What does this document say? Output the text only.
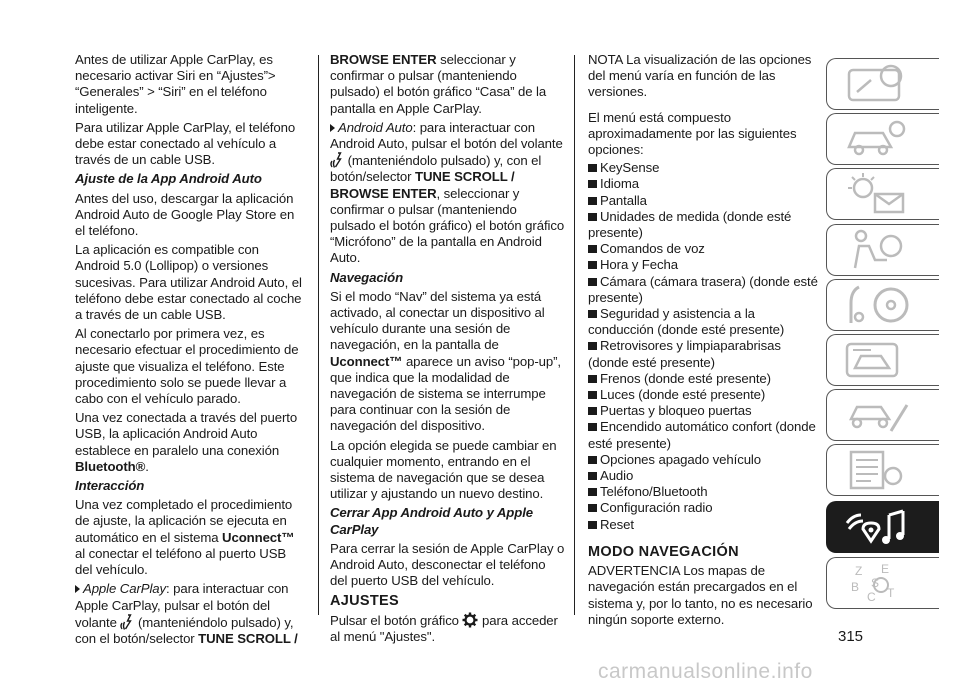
Antes de utilizar Apple CarPlay, es necesario activar Siri en “Ajustes”> “Generales” > “Siri” en el teléfono inteligente.

Para utilizar Apple CarPlay, el teléfono debe estar conectado al vehículo a través de un cable USB.

Ajuste de la App Android Auto

Antes del uso, descargar la aplicación Android Auto de Google Play Store en el teléfono.

La aplicación es compatible con Android 5.0 (Lollipop) o versiones sucesivas. Para utilizar Android Auto, el teléfono debe estar conectado al coche a través de un cable USB.

Al conectarlo por primera vez, es necesario efectuar el procedimiento de ajuste que visualiza el teléfono. Este procedimiento solo se puede llevar a cabo con el vehículo parado.

Una vez conectada a través del puerto USB, la aplicación Android Auto establece en paralelo una conexión Bluetooth®.

Interacción

Una vez completado el procedimiento de ajuste, la aplicación se ejecuta en automático en el sistema Uconnect™ al conectar el teléfono al puerto USB del vehículo.

Apple CarPlay: para interactuar con Apple CarPlay, pulsar el botón del volante  (manteniéndolo pulsado) y, con el botón/selector TUNE SCROLL /

BROWSE ENTER seleccionar y confirmar o pulsar (manteniendo pulsado) el botón gráfico “Casa” de la pantalla en Apple CarPlay.

Android Auto: para interactuar con Android Auto, pulsar el botón del volante  (manteniéndolo pulsado) y, con el botón/selector TUNE SCROLL / BROWSE ENTER, seleccionar y confirmar o pulsar (manteniendo pulsado el botón gráfico) el botón gráfico “Micrófono” de la pantalla en Android Auto.

Navegación

Si el modo “Nav” del sistema ya está activado, al conectar un dispositivo al vehículo durante una sesión de navegación, en la pantalla de Uconnect™ aparece un aviso “pop-up”, que indica que la modalidad de navegación de sistema se interrumpe para continuar con la sesión de navegación del dispositivo.

La opción elegida se puede cambiar en cualquier momento, entrando en el sistema de navegación que se desea utilizar y ajustando un nuevo destino.

Cerrar App Android Auto y Apple CarPlay

Para cerrar la sesión de Apple CarPlay o Android Auto, desconectar el teléfono del puerto USB del vehículo.

AJUSTES

Pulsar el botón gráfico  para acceder al menú "Ajustes".

NOTA La visualización de las opciones del menú varía en función de las versiones.

El menú está compuesto aproximadamente por las siguientes opciones:

KeySense
Idioma
Pantalla
Unidades de medida (donde esté presente)
Comandos de voz
Hora y Fecha
Cámara (cámara trasera) (donde esté presente)
Seguridad y asistencia a la conducción (donde esté presente)
Retrovisores y limpiaparabrisas (donde esté presente)
Frenos (donde esté presente)
Luces (donde esté presente)
Puertas y bloqueo puertas
Encendido automático confort (donde esté presente)
Opciones apagado vehículo
Audio
Teléfono/Bluetooth
Configuración radio
Reset

MODO NAVEGACIÓN

ADVERTENCIA Los mapas de navegación están precargados en el sistema y, por lo tanto, no es necesario ningún soporte externo.

Z E
B
C
S
T
315
carmanualsonline.info
